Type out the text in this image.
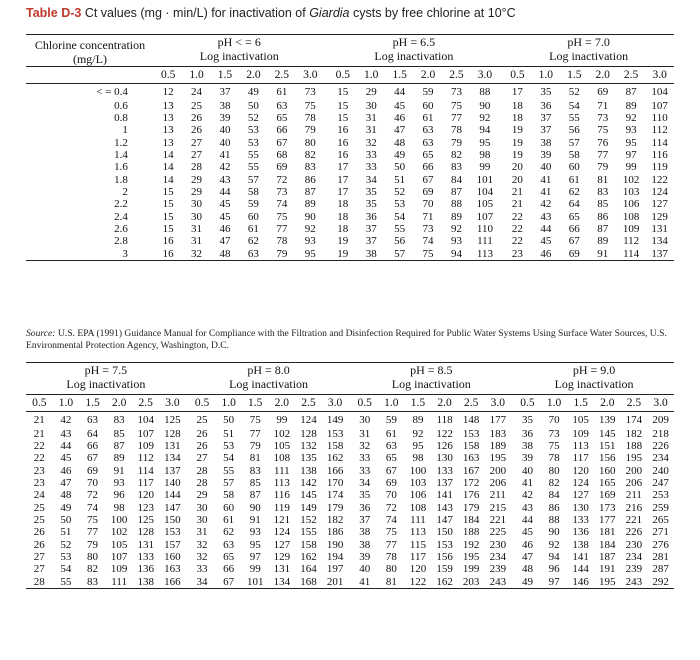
Table D-3 Ct values (mg · min/L) for inactivation of Giardia cysts by free chlorine at 10°C
Chlorine concentration
(mg/L)	pH < = 6							pH = 6.5							pH = 7.0					
	Log inactivation							Log inactivation							Log inactivation					
	0.5	1.0	1.5	2.0	2.5	3.0		0.5	1.0	1.5	2.0	2.5	3.0		0.5	1.0	1.5	2.0	2.5	3.0
< = 0.4	12	24	37	49	61	73		15	29	44	59	73	88		17	35	52	69	87	104
0.6	13	25	38	50	63	75		15	30	45	60	75	90		18	36	54	71	89	107
0.8	13	26	39	52	65	78		15	31	46	61	77	92		18	37	55	73	92	110
1	13	26	40	53	66	79		16	31	47	63	78	94		19	37	56	75	93	112
1.2	13	27	40	53	67	80		16	32	48	63	79	95		19	38	57	76	95	114
1.4	14	27	41	55	68	82		16	33	49	65	82	98		19	39	58	77	97	116
1.6	14	28	42	55	69	83		17	33	50	66	83	99		20	40	60	79	99	119
1.8	14	29	43	57	72	86		17	34	51	67	84	101		20	41	61	81	102	122
2	15	29	44	58	73	87		17	35	52	69	87	104		21	41	62	83	103	124
2.2	15	30	45	59	74	89		18	35	53	70	88	105		21	42	64	85	106	127
2.4	15	30	45	60	75	90		18	36	54	71	89	107		22	43	65	86	108	129
2.6	15	31	46	61	77	92		18	37	55	73	92	110		22	44	66	87	109	131
2.8	16	31	47	62	78	93		19	37	56	74	93	111		22	45	67	89	112	134
3	16	32	48	63	79	95		19	38	57	75	94	113		23	46	69	91	114	137
Source: U.S. EPA (1991) Guidance Manual for Compliance with the Filtration and Disinfection Required for Public Water Systems Using Surface Water Sources, U.S. Environmental Protection Agency, Washington, D.C.
pH = 7.5							pH = 8.0							pH = 8.5							pH = 9.0					
Log inactivation							Log inactivation							Log inactivation							Log inactivation					
0.5	1.0	1.5	2.0	2.5	3.0		0.5	1.0	1.5	2.0	2.5	3.0		0.5	1.0	1.5	2.0	2.5	3.0		0.5	1.0	1.5	2.0	2.5	3.0
21	42	63	83	104	125		25	50	75	99	124	149		30	59	89	118	148	177		35	70	105	139	174	209
21	43	64	85	107	128		26	51	77	102	128	153		31	61	92	122	153	183		36	73	109	145	182	218
22	44	66	87	109	131		26	53	79	105	132	158		32	63	95	126	158	189		38	75	113	151	188	226
22	45	67	89	112	134		27	54	81	108	135	162		33	65	98	130	163	195		39	78	117	156	195	234
23	46	69	91	114	137		28	55	83	111	138	166		33	67	100	133	167	200		40	80	120	160	200	240
23	47	70	93	117	140		28	57	85	113	142	170		34	69	103	137	172	206		41	82	124	165	206	247
24	48	72	96	120	144		29	58	87	116	145	174		35	70	106	141	176	211		42	84	127	169	211	253
25	49	74	98	123	147		30	60	90	119	149	179		36	72	108	143	179	215		43	86	130	173	216	259
25	50	75	100	125	150		30	61	91	121	152	182		37	74	111	147	184	221		44	88	133	177	221	265
26	51	77	102	128	153		31	62	93	124	155	186		38	75	113	150	188	225		45	90	136	181	226	271
26	52	79	105	131	157		32	63	95	127	158	190		38	77	115	153	192	230		46	92	138	184	230	276
27	53	80	107	133	160		32	65	97	129	162	194		39	78	117	156	195	234		47	94	141	187	234	281
27	54	82	109	136	163		33	66	99	131	164	197		40	80	120	159	199	239		48	96	144	191	239	287
28	55	83	111	138	166		34	67	101	134	168	201		41	81	122	162	203	243		49	97	146	195	243	292
